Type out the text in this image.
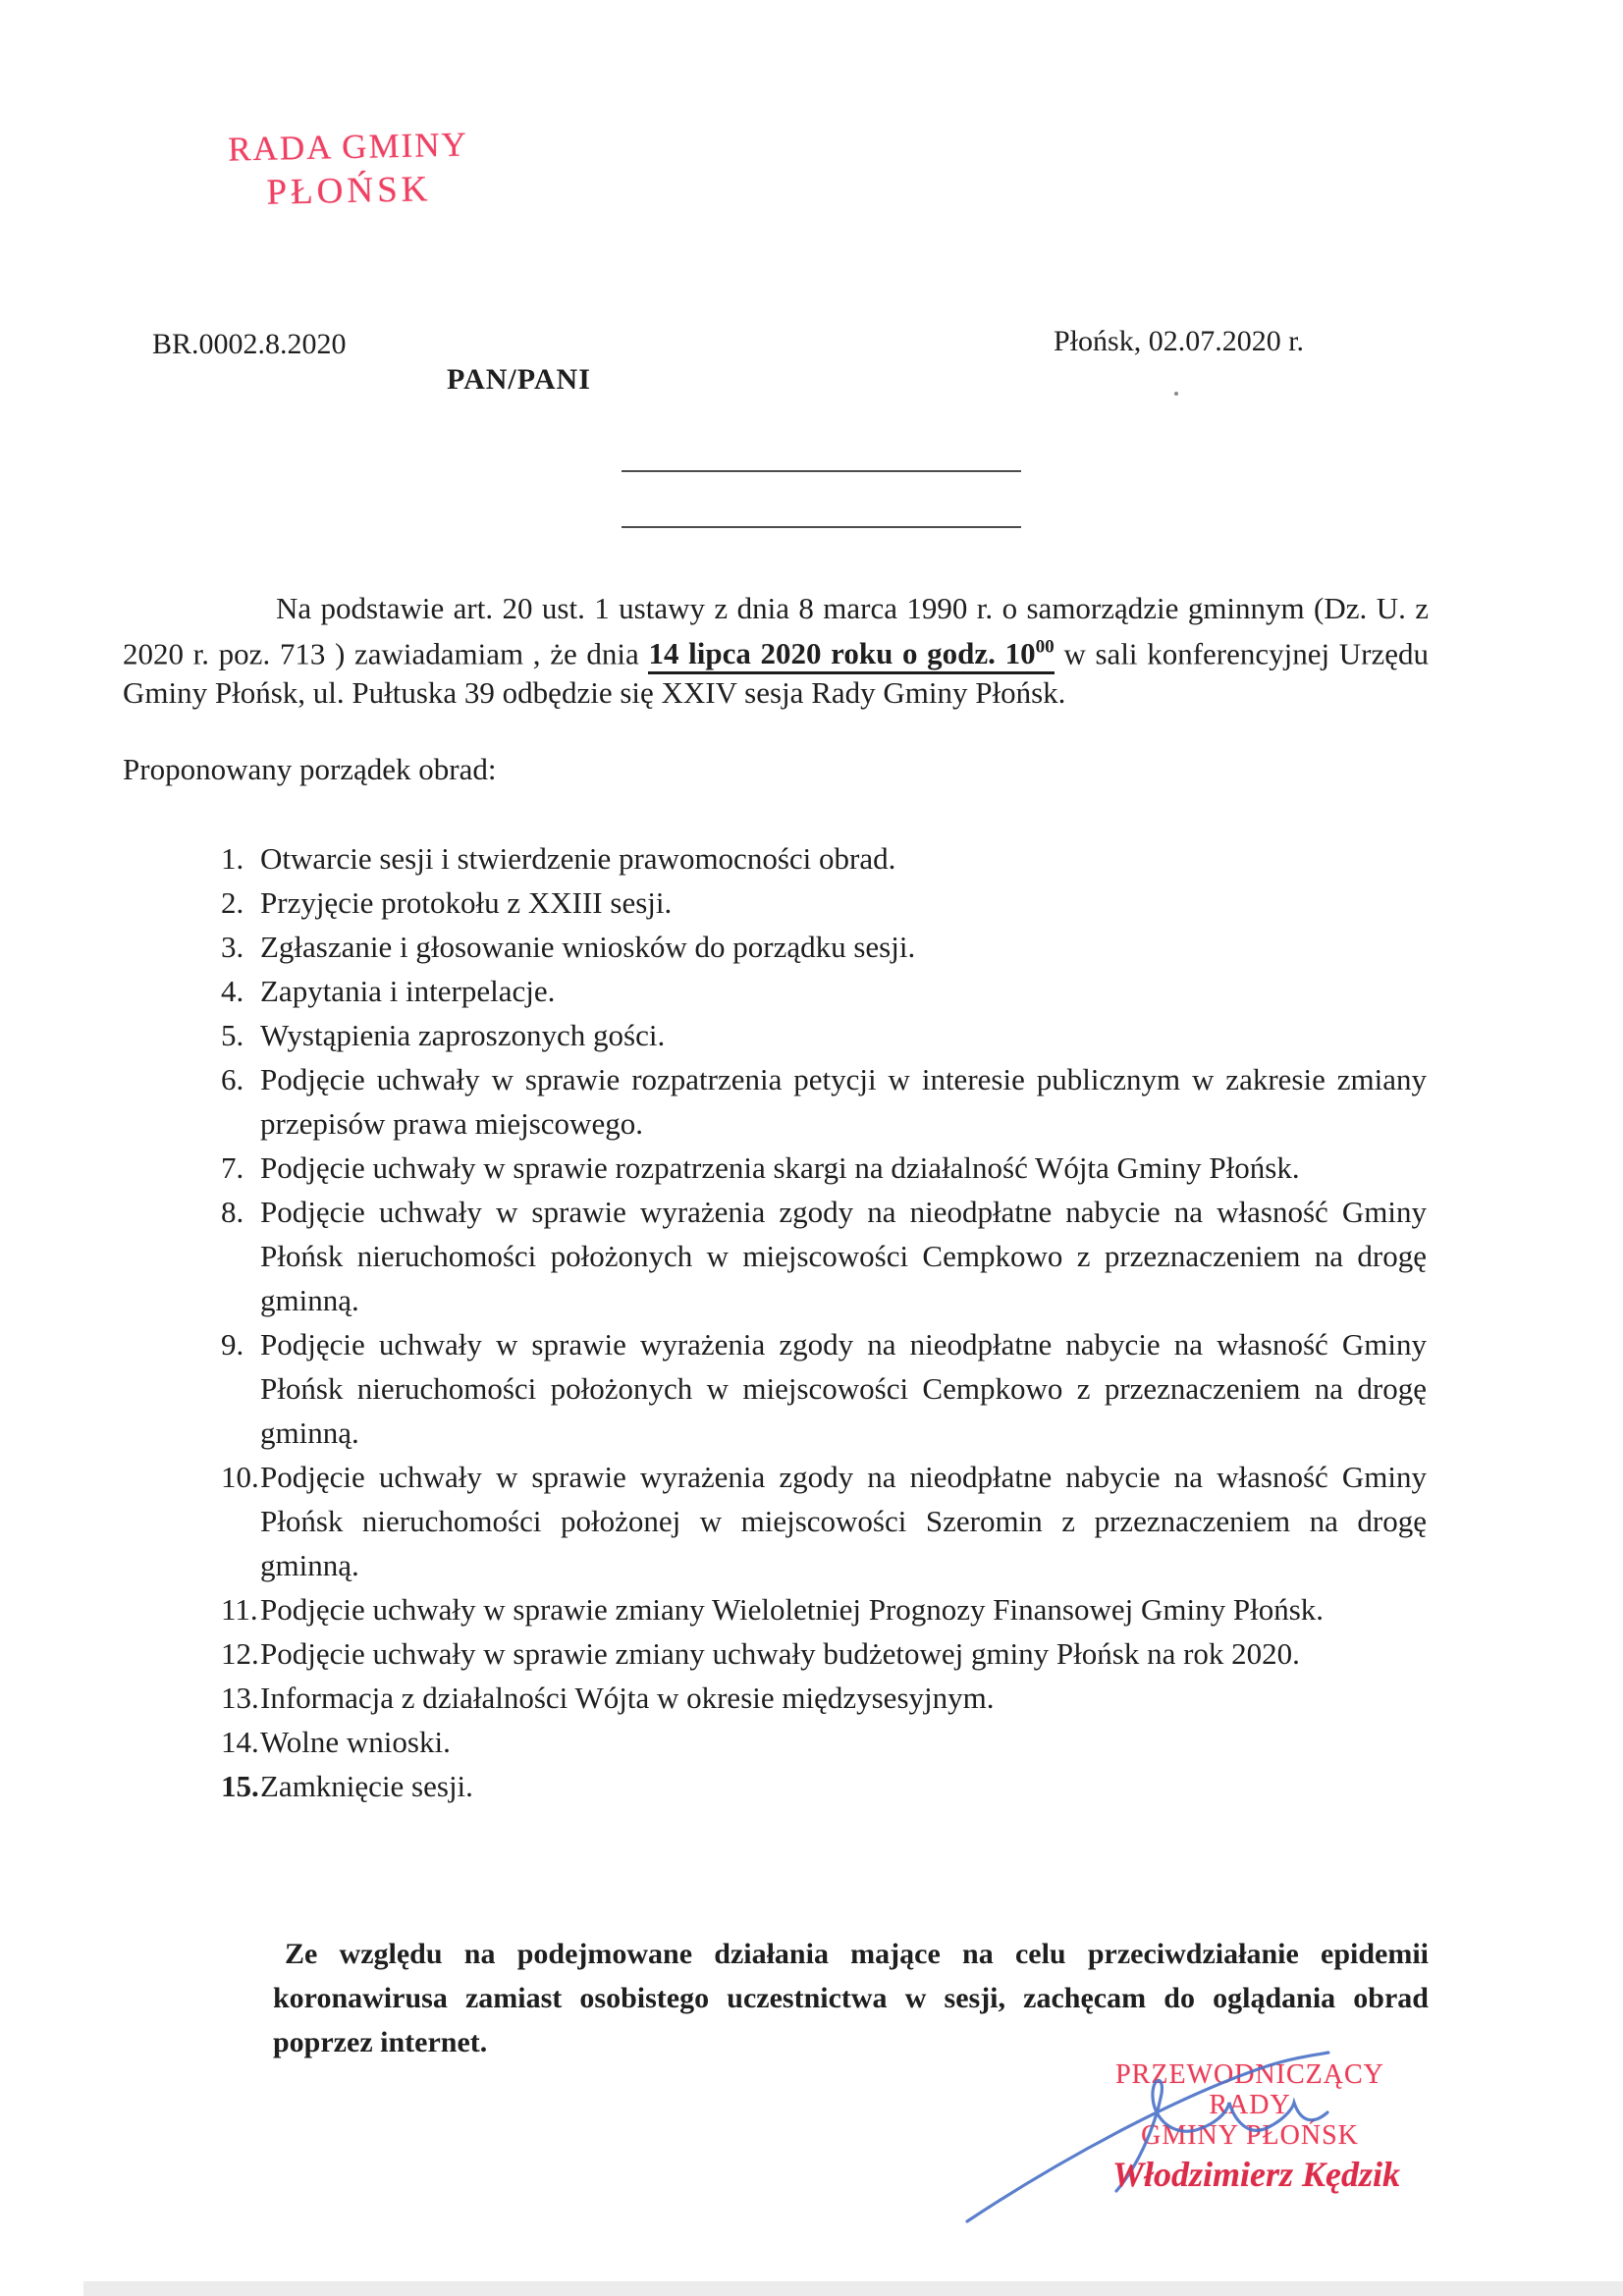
RADA GMINY
PŁOŃSK
BR.0002.8.2020	Płońsk, 02.07.2020 r.
PAN/PANI
Na podstawie art. 20 ust. 1 ustawy z dnia 8 marca 1990 r. o samorządzie gminnym (Dz. U. z 2020 r. poz. 713 ) zawiadamiam , że dnia 14 lipca 2020 roku o godz. $10^{00}$ w sali konferencyjnej Urzędu Gminy Płońsk, ul. Pułtuska 39 odbędzie się XXIV sesja Rady Gminy Płońsk.
Proponowany porządek obrad:
1. Otwarcie sesji i stwierdzenie prawomocności obrad.
2. Przyjęcie protokołu z XXIII sesji.
3. Zgłaszanie i głosowanie wniosków do porządku sesji.
4. Zapytania i interpelacje.
5. Wystąpienia zaproszonych gości.
6. Podjęcie uchwały w sprawie rozpatrzenia petycji w interesie publicznym w zakresie zmiany przepisów prawa miejscowego.
7. Podjęcie uchwały w sprawie rozpatrzenia skargi na działalność Wójta Gminy Płońsk.
8. Podjęcie uchwały w sprawie wyrażenia zgody na nieodpłatne nabycie na własność Gminy Płońsk nieruchomości położonych w miejscowości Cempkowo z przeznaczeniem na drogę gminną.
9. Podjęcie uchwały w sprawie wyrażenia zgody na nieodpłatne nabycie na własność Gminy Płońsk nieruchomości położonych w miejscowości Cempkowo z przeznaczeniem na drogę gminną.
10.Podjęcie uchwały w sprawie wyrażenia zgody na nieodpłatne nabycie na własność Gminy Płońsk nieruchomości położonej w miejscowości Szeromin z przeznaczeniem na drogę gminną.
11.Podjęcie uchwały w sprawie zmiany Wieloletniej Prognozy Finansowej Gminy Płońsk.
12.Podjęcie uchwały w sprawie zmiany uchwały budżetowej gminy Płońsk na rok 2020.
13.Informacja z działalności Wójta w okresie międzysesyjnym.
14.Wolne wnioski.
15.Zamknięcie sesji.
Ze względu na podejmowane działania mające na celu przeciwdziałanie epidemii koronawirusa zamiast osobistego uczestnictwa w sesji, zachęcam do oglądania obrad poprzez internet.
PRZEWODNICZĄCY RADY
GMINY PŁOŃSK
Włodzimierz Kędzik
